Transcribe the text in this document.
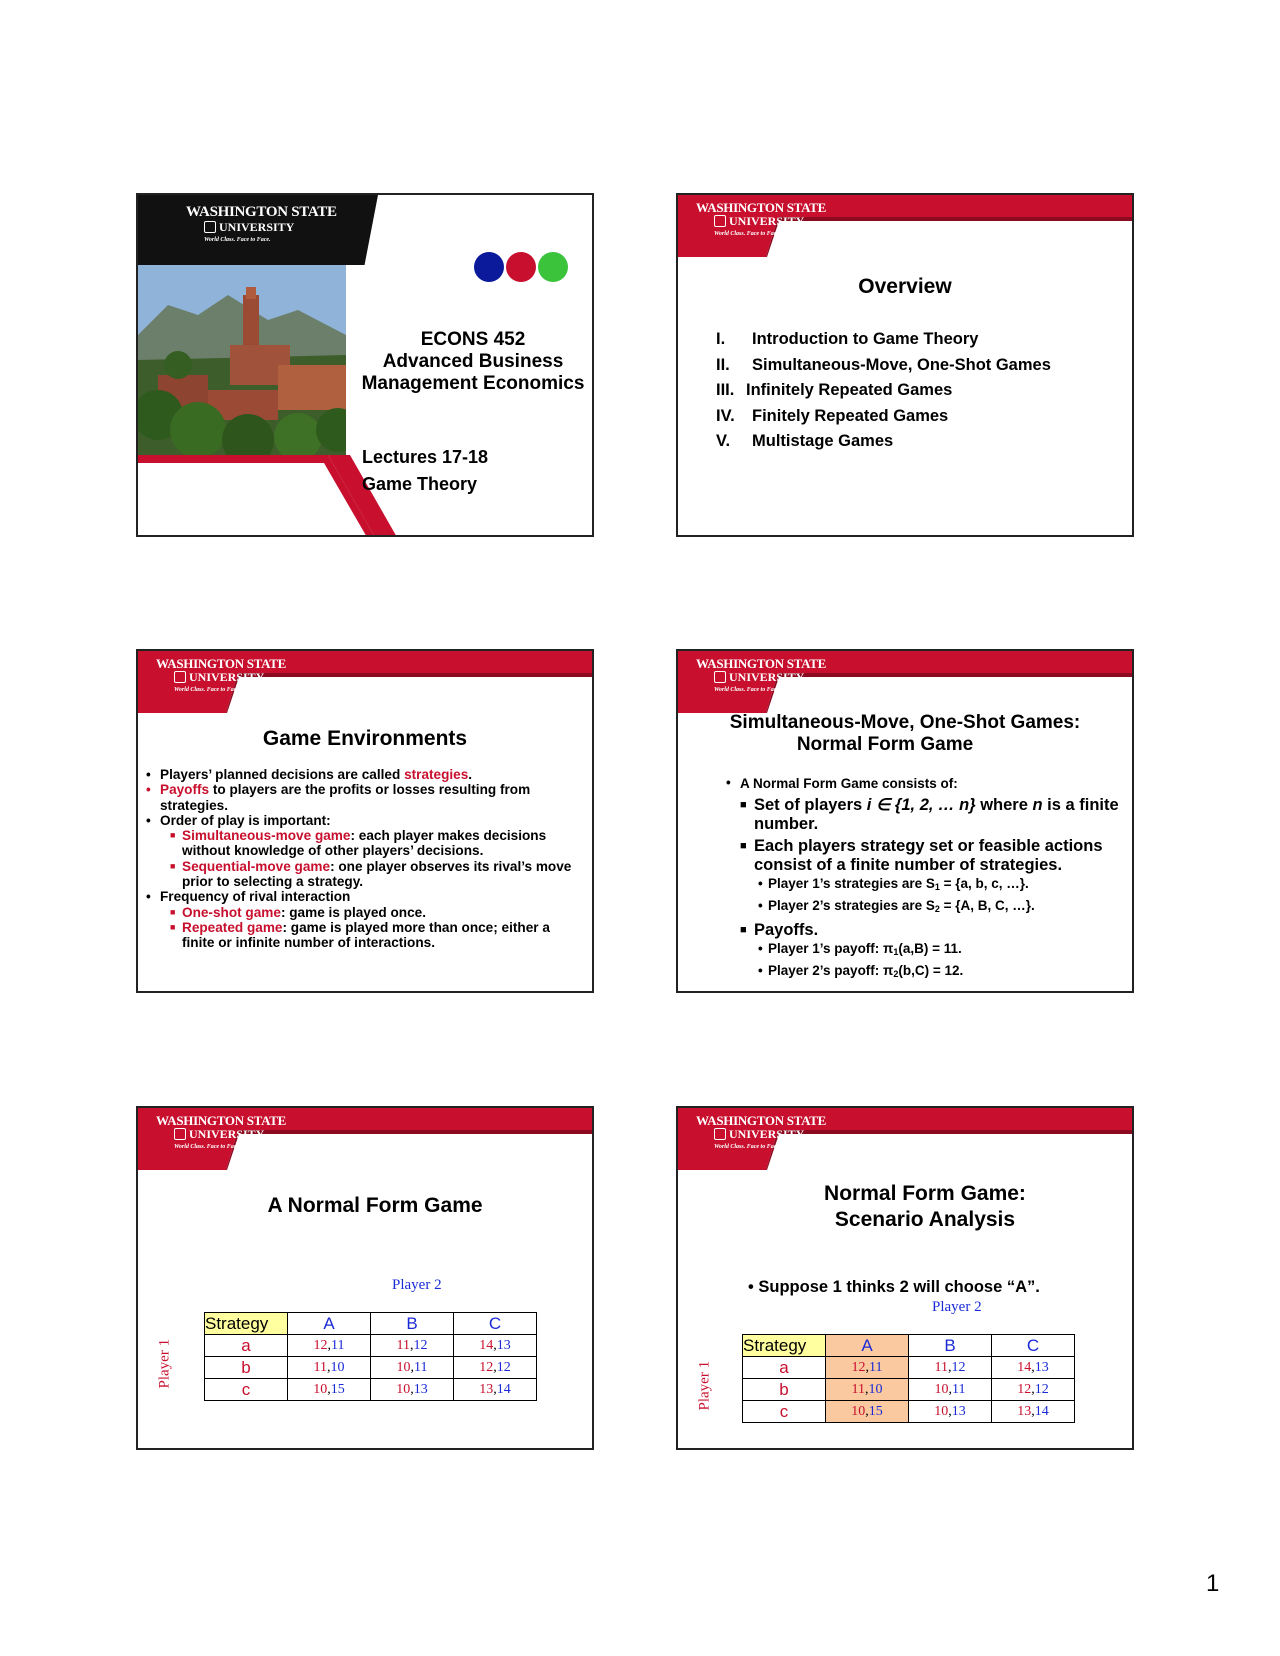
WASHINGTON STATE
UNIVERSITY
World Class. Face to Face.
ECONS 452
Advanced Business
Management Economics
Lectures 17-18
Game Theory
WASHINGTON STATE
UNIVERSITY
World Class. Face to Face.
Overview
I. Introduction to Game Theory
II. Simultaneous-Move, One-Shot Games
III. Infinitely Repeated Games
IV. Finitely Repeated Games
V. Multistage Games
WASHINGTON STATE
UNIVERSITY
World Class. Face to Face.
Game Environments
• Players’ planned decisions are called strategies.
• Payoffs to players are the profits or losses resulting from strategies.
• Order of play is important:
■ Simultaneous-move game: each player makes decisions without knowledge of other players’ decisions.
■ Sequential-move game: one player observes its rival’s move prior to selecting a strategy.
• Frequency of rival interaction
■ One-shot game: game is played once.
■ Repeated game: game is played more than once; either a finite or infinite number of interactions.
WASHINGTON STATE
UNIVERSITY
World Class. Face to Face.
Simultaneous-Move, One-Shot Games:
Normal Form Game
• A Normal Form Game consists of:
■ Set of players i ∈ {1, 2, … n} where n is a finite number.
■ Each players strategy set or feasible actions consist of a finite number of strategies.
• Player 1’s strategies are S1 = {a, b, c, …}.
• Player 2’s strategies are S2 = {A, B, C, …}.
■ Payoffs.
• Player 1’s payoff: π1(a,B) = 11.
• Player 2’s payoff: π2(b,C) = 12.
WASHINGTON STATE
UNIVERSITY
World Class. Face to Face.
A Normal Form Game
Player 2
Player 1
Strategy	A	B	C
a	12,11	11,12	14,13
b	11,10	10,11	12,12
c	10,15	10,13	13,14
WASHINGTON STATE
UNIVERSITY
World Class. Face to Face.
Normal Form Game:
Scenario Analysis
• Suppose 1 thinks 2 will choose “A”.
Player 2
Player 1
Strategy	A	B	C
a	12,11	11,12	14,13
b	11,10	10,11	12,12
c	10,15	10,13	13,14
1
